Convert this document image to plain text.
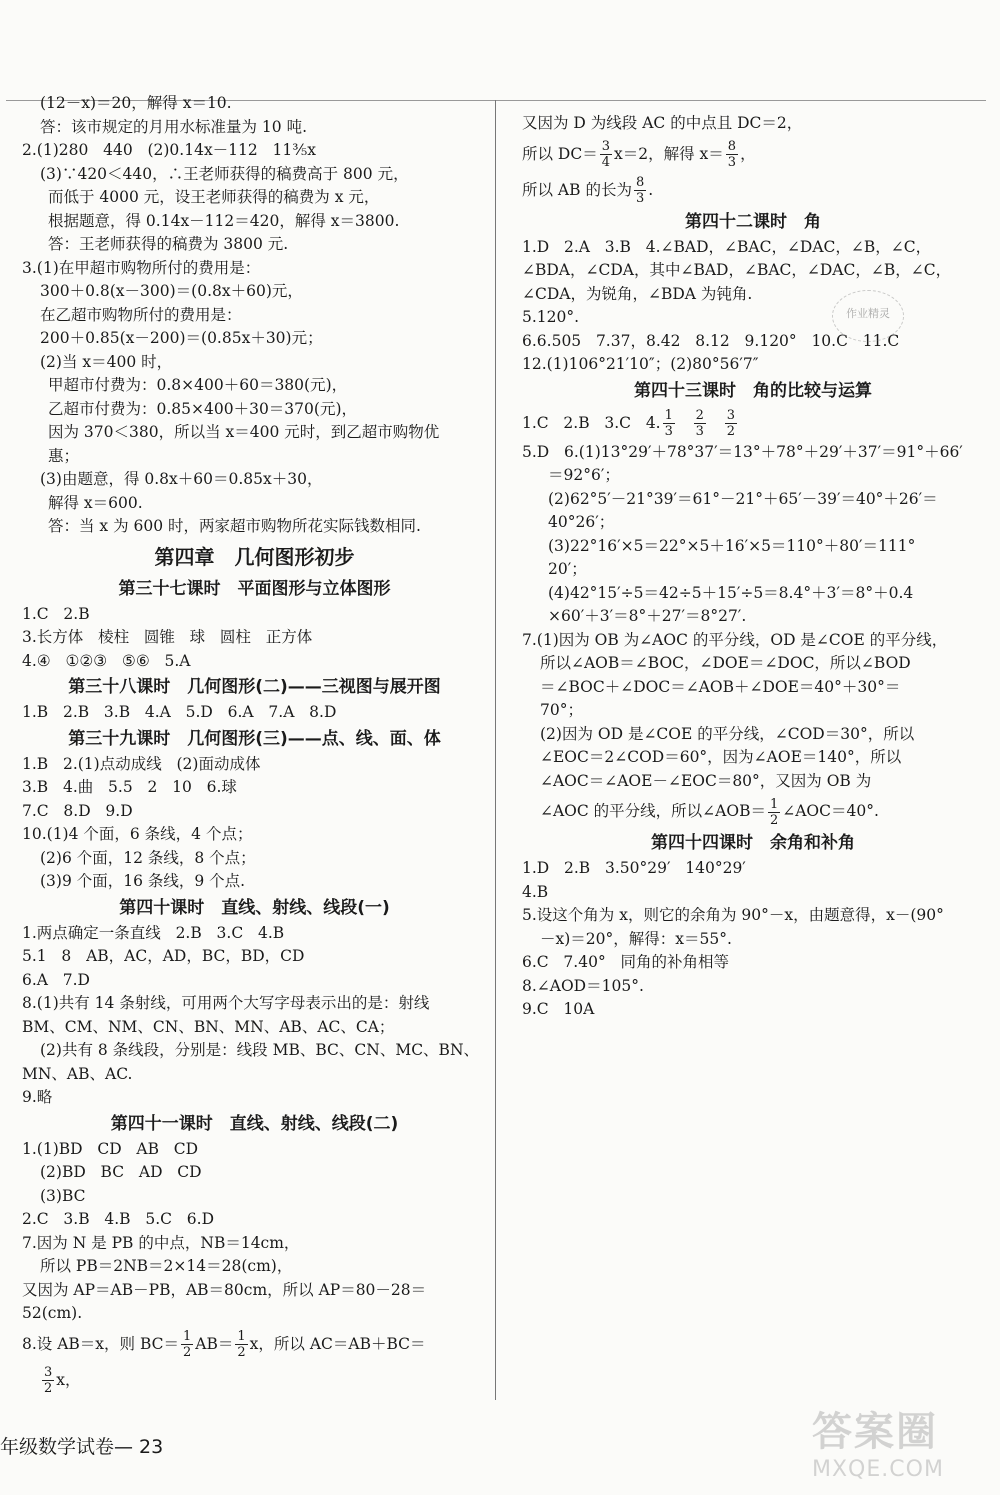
(12－x)＝20，解得 x＝10.
答：该市规定的月用水标准量为 10 吨.
2.(1)280   440   (2)0.14x－112   11⅗x
(3)∵420＜440，∴王老师获得的稿费高于 800 元，
而低于 4000 元，设王老师获得的稿费为 x 元，
根据题意，得 0.14x－112＝420，解得 x＝3800.
答：王老师获得的稿费为 3800 元.
3.(1)在甲超市购物所付的费用是：
300＋0.8(x－300)＝(0.8x＋60)元，
在乙超市购物所付的费用是：
200＋0.85(x－200)＝(0.85x＋30)元；
(2)当 x＝400 时，
甲超市付费为：0.8×400＋60＝380(元)，
乙超市付费为：0.85×400＋30＝370(元)，
因为 370＜380，所以当 x＝400 元时，到乙超市购物优
惠；
(3)由题意，得 0.8x＋60＝0.85x＋30，
解得 x＝600.
答：当 x 为 600 时，两家超市购物所花实际钱数相同.
第四章　几何图形初步
第三十七课时　平面图形与立体图形
1.C   2.B
3.长方体   棱柱   圆锥   球   圆柱   正方体
4.④   ①②③   ⑤⑥   5.A
第三十八课时　几何图形(二)——三视图与展开图
1.B   2.B   3.B   4.A   5.D   6.A   7.A   8.D
第三十九课时　几何图形(三)——点、线、面、体
1.B   2.(1)点动成线   (2)面动成体
3.B   4.曲   5.5   2   10   6.球
7.C   8.D   9.D
10.(1)4 个面，6 条线，4 个点；
(2)6 个面，12 条线，8 个点；
(3)9 个面，16 条线，9 个点.
第四十课时　直线、射线、线段(一)
1.两点确定一条直线   2.B   3.C   4.B
5.1   8   AB，AC，AD，BC，BD，CD
6.A   7.D
8.(1)共有 14 条射线，可用两个大写字母表示出的是：射线
BM、CM、NM、CN、BN、MN、AB、AC、CA；
(2)共有 8 条线段，分别是：线段 MB、BC、CN、MC、BN、
MN、AB、AC.
9.略
第四十一课时　直线、射线、线段(二)
1.(1)BD   CD   AB   CD
(2)BD   BC   AD   CD
(3)BC
2.C   3.B   4.B   5.C   6.D
7.因为 N 是 PB 的中点，NB＝14cm，
所以 PB＝2NB＝2×14＝28(cm)，
又因为 AP＝AB－PB，AB＝80cm，所以 AP＝80－28＝
52(cm).
8.设 AB＝x，则 $BC= \frac{1}{2} AB= \frac{1}{2}$ x，所以 AC＝AB＋BC＝
$\frac{3}{2}$ x，
又因为 D 为线段 AC 的中点且 DC＝2，
所以 $DC= \frac{3}{4} x=2$，解得 $x= \frac{8}{3}$ ，
所以 AB 的长为 $\frac{8}{3}$ .
第四十二课时　角
1.D   2.A   3.B   4.∠BAD，∠BAC，∠DAC，∠B，∠C，
∠BDA，∠CDA，其中∠BAD，∠BAC，∠DAC，∠B，∠C，
∠CDA，为锐角，∠BDA 为钝角.
5.120°.
6.6.505   7.37，8.42   8.12   9.120°   10.C   11.C
12.(1)106°21′10″；(2)80°56′7″
第四十三课时　角的比较与运算
1.C   2.B   3.C   4. $\frac{1}{3}$
$\frac{2}{3}$
$\frac{3}{2}$
5.D   6.(1)13°29′＋78°37′＝13°＋78°＋29′＋37′＝91°＋66′
＝92°6′；
(2)62°5′－21°39′＝61°－21°＋65′－39′＝40°＋26′＝
40°26′；
(3)22°16′×5＝22°×5＋16′×5＝110°＋80′＝111°
20′；
(4)42°15′÷5＝42÷5＋15′÷5＝8.4°＋3′＝8°＋0.4
×60′＋3′＝8°＋27′＝8°27′.
7.(1)因为 OB 为∠AOC 的平分线，OD 是∠COE 的平分线，
所以∠AOB＝∠BOC，∠DOE＝∠DOC，所以∠BOD
＝∠BOC＋∠DOC＝∠AOB＋∠DOE＝40°＋30°＝
70°；
(2)因为 OD 是∠COE 的平分线，∠COD＝30°，所以
∠EOC＝2∠COD＝60°，因为∠AOE＝140°，所以
∠AOC＝∠AOE－∠EOC＝80°，又因为 OB 为
∠AOC 的平分线，所以∠AOB＝ $\frac{1}{2}$ ∠AOC＝40°.
第四十四课时　余角和补角
1.D   2.B   3.50°29′   140°29′
4.B
5.设这个角为 x，则它的余角为 90°－x，由题意得，x－(90°
－x)＝20°，解得：x＝55°.
6.C   7.40°   同角的补角相等
8.∠AOD＝105°.
9.C   10A
作业精灵
年级数学试卷— 23	答案圈
MXQE.COM
